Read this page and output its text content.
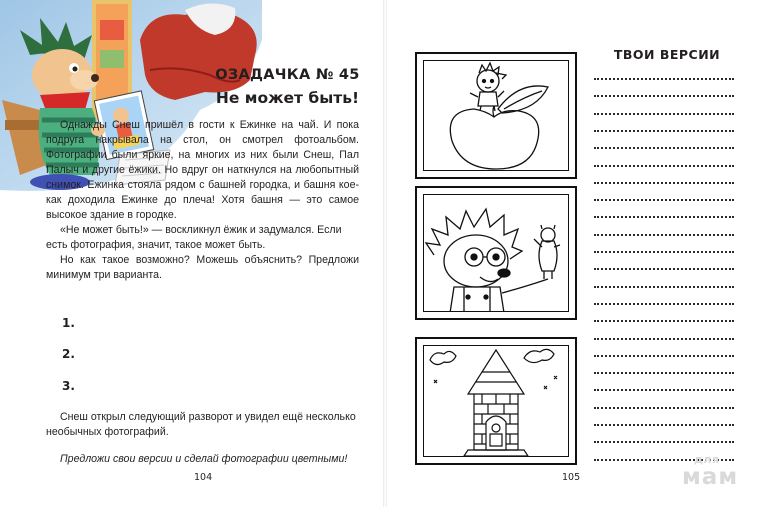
ОЗАДАЧКА № 45
Не может быть!

Однажды Снеш пришёл в гости к Ежинке на чай. И пока подруга накрывала на стол, он смотрел фотоальбом. Фотографии были яркие, на многих из них были Снеш, Пал Палыч и другие ёжики. Но вдруг он наткнулся на любопытный снимок. Ежинка стояла рядом с башней городка, и башня кое-как доходила Ежинке до плеча! Хотя башня — это самое высокое здание в городке.

«Не может быть!» — воскликнул ёжик и задумался. Если есть фотография, значит, такое может быть.

Но как такое возможно? Можешь объяснить? Предложи минимум три варианта.

1.
2.
3.

Снеш открыл следующий разворот и увидел ещё несколько необычных фотографий.

Предложи свои версии и сделай фотографии цветными!

104
ТВОИ ВЕРСИИ
105
для
мам
